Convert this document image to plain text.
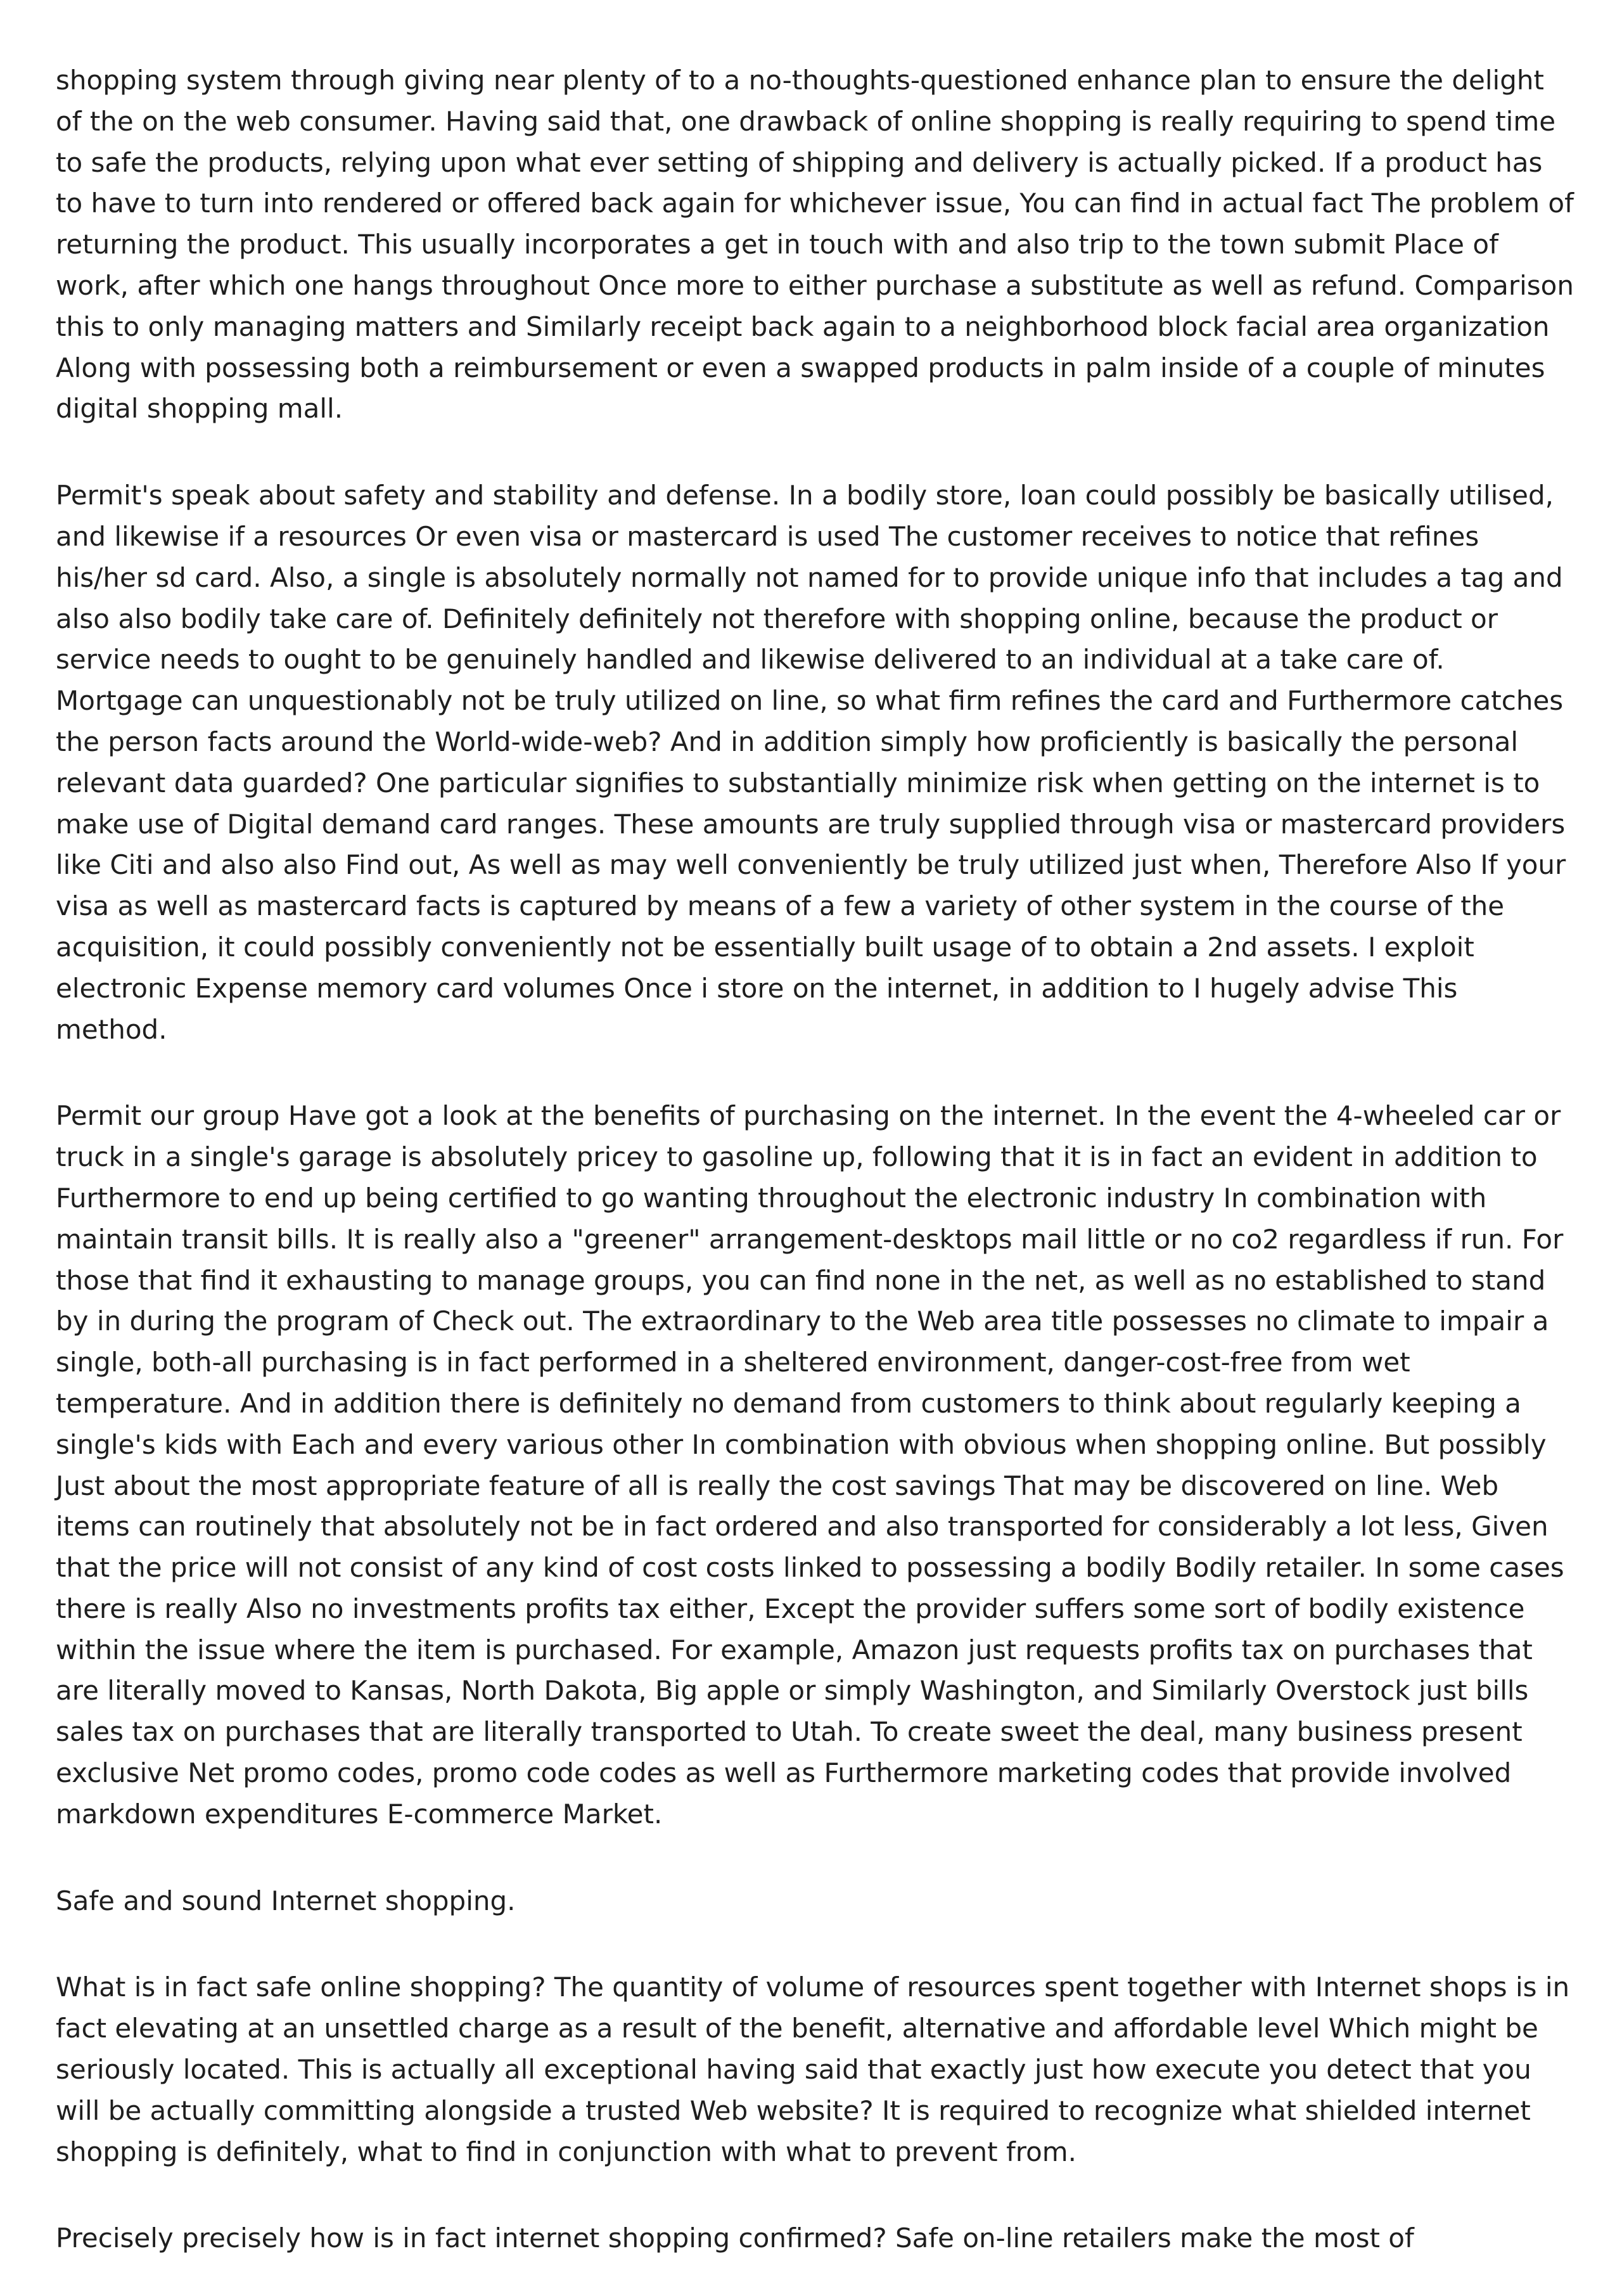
shopping system through giving near plenty of to a no-thoughts-questioned enhance plan to ensure the delight of the on the web consumer. Having said that, one drawback of online shopping is really requiring to spend time to safe the products, relying upon what ever setting of shipping and delivery is actually picked. If a product has to have to turn into rendered or offered back again for whichever issue, You can find in actual fact The problem of returning the product. This usually incorporates a get in touch with and also trip to the town submit Place of work, after which one hangs throughout Once more to either purchase a substitute as well as refund. Comparison this to only managing matters and Similarly receipt back again to a neighborhood block facial area organization Along with possessing both a reimbursement or even a swapped products in palm inside of a couple of minutes digital shopping mall.

Permit's speak about safety and stability and defense. In a bodily store, loan could possibly be basically utilised, and likewise if a resources Or even visa or mastercard is used The customer receives to notice that refines his/her sd card. Also, a single is absolutely normally not named for to provide unique info that includes a tag and also also bodily take care of. Definitely definitely not therefore with shopping online, because the product or service needs to ought to be genuinely handled and likewise delivered to an individual at a take care of. Mortgage can unquestionably not be truly utilized on line, so what firm refines the card and Furthermore catches the person facts around the World-wide-web? And in addition simply how proficiently is basically the personal relevant data guarded? One particular signifies to substantially minimize risk when getting on the internet is to make use of Digital demand card ranges. These amounts are truly supplied through visa or mastercard providers like Citi and also also Find out, As well as may well conveniently be truly utilized just when, Therefore Also If your visa as well as mastercard facts is captured by means of a few a variety of other system in the course of the acquisition, it could possibly conveniently not be essentially built usage of to obtain a 2nd assets. I exploit electronic Expense memory card volumes Once i store on the internet, in addition to I hugely advise This method.

Permit our group Have got a look at the benefits of purchasing on the internet. In the event the 4-wheeled car or truck in a single's garage is absolutely pricey to gasoline up, following that it is in fact an evident in addition to Furthermore to end up being certified to go wanting throughout the electronic industry In combination with maintain transit bills. It is really also a "greener" arrangement-desktops mail little or no co2 regardless if run. For those that find it exhausting to manage groups, you can find none in the net, as well as no established to stand by in during the program of Check out. The extraordinary to the Web area title possesses no climate to impair a single, both-all purchasing is in fact performed in a sheltered environment, danger-cost-free from wet temperature. And in addition there is definitely no demand from customers to think about regularly keeping a single's kids with Each and every various other In combination with obvious when shopping online. But possibly Just about the most appropriate feature of all is really the cost savings That may be discovered on line. Web items can routinely that absolutely not be in fact ordered and also transported for considerably a lot less, Given that the price will not consist of any kind of cost costs linked to possessing a bodily Bodily retailer. In some cases there is really Also no investments profits tax either, Except the provider suffers some sort of bodily existence within the issue where the item is purchased. For example, Amazon just requests profits tax on purchases that are literally moved to Kansas, North Dakota, Big apple or simply Washington, and Similarly Overstock just bills sales tax on purchases that are literally transported to Utah. To create sweet the deal, many business present exclusive Net promo codes, promo code codes as well as Furthermore marketing codes that provide involved markdown expenditures E-commerce Market.

Safe and sound Internet shopping.

What is in fact safe online shopping? The quantity of volume of resources spent together with Internet shops is in fact elevating at an unsettled charge as a result of the benefit, alternative and affordable level Which might be seriously located. This is actually all exceptional having said that exactly just how execute you detect that you will be actually committing alongside a trusted Web website? It is required to recognize what shielded internet shopping is definitely, what to find in conjunction with what to prevent from.

Precisely precisely how is in fact internet shopping confirmed? Safe on-line retailers make the most of
